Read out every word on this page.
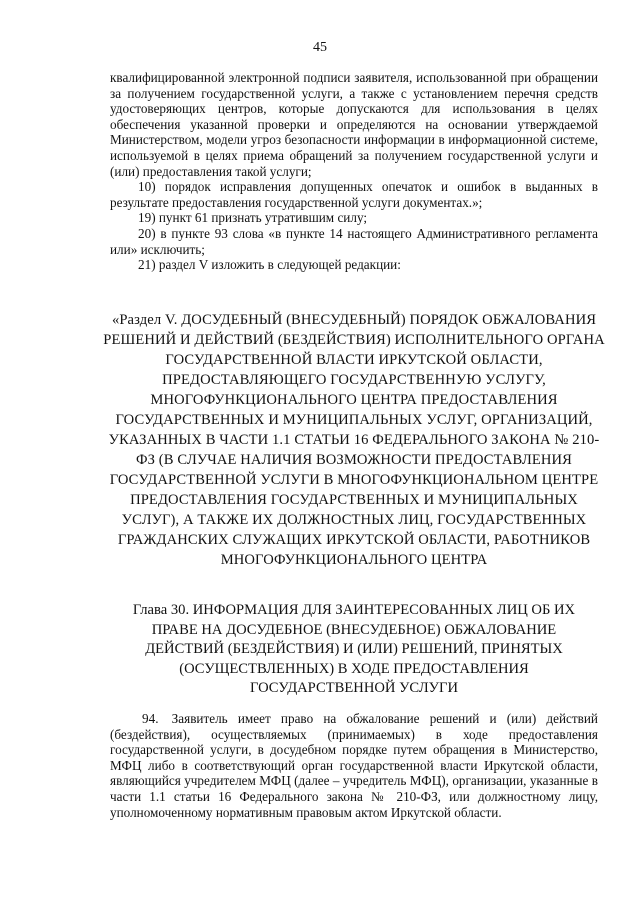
45

квалифицированной электронной подписи заявителя, использованной при обращении за получением государственной услуги, а также с установлением перечня средств удостоверяющих центров, которые допускаются для использования в целях обеспечения указанной проверки и определяются на основании утверждаемой Министерством, модели угроз безопасности информации в информационной системе, используемой в целях приема обращений за получением государственной услуги и (или) предоставления такой услуги;

10) порядок исправления допущенных опечаток и ошибок в выданных в результате предоставления государственной услуги документах.»;

19) пункт 61 признать утратившим силу;

20) в пункте 93 слова «в пункте 14 настоящего Административного регламента или» исключить;

21) раздел V изложить в следующей редакции:

«Раздел V. ДОСУДЕБНЫЙ (ВНЕСУДЕБНЫЙ) ПОРЯДОК ОБЖАЛОВАНИЯ РЕШЕНИЙ И ДЕЙСТВИЙ (БЕЗДЕЙСТВИЯ) ИСПОЛНИТЕЛЬНОГО ОРГАНА ГОСУДАРСТВЕННОЙ ВЛАСТИ ИРКУТСКОЙ ОБЛАСТИ, ПРЕДОСТАВЛЯЮЩЕГО ГОСУДАРСТВЕННУЮ УСЛУГУ, МНОГОФУНКЦИОНАЛЬНОГО ЦЕНТРА ПРЕДОСТАВЛЕНИЯ ГОСУДАРСТВЕННЫХ И МУНИЦИПАЛЬНЫХ УСЛУГ, ОРГАНИЗАЦИЙ, УКАЗАННЫХ В ЧАСТИ 1.1 СТАТЬИ 16 ФЕДЕРАЛЬНОГО ЗАКОНА № 210-ФЗ (В СЛУЧАЕ НАЛИЧИЯ ВОЗМОЖНОСТИ ПРЕДОСТАВЛЕНИЯ ГОСУДАРСТВЕННОЙ УСЛУГИ В МНОГОФУНКЦИОНАЛЬНОМ ЦЕНТРЕ ПРЕДОСТАВЛЕНИЯ ГОСУДАРСТВЕННЫХ И МУНИЦИПАЛЬНЫХ УСЛУГ), А ТАКЖЕ ИХ ДОЛЖНОСТНЫХ ЛИЦ, ГОСУДАРСТВЕННЫХ ГРАЖДАНСКИХ СЛУЖАЩИХ ИРКУТСКОЙ ОБЛАСТИ, РАБОТНИКОВ МНОГОФУНКЦИОНАЛЬНОГО ЦЕНТРА
Глава 30. ИНФОРМАЦИЯ ДЛЯ ЗАИНТЕРЕСОВАННЫХ ЛИЦ ОБ ИХ ПРАВЕ НА ДОСУДЕБНОЕ (ВНЕСУДЕБНОЕ) ОБЖАЛОВАНИЕ ДЕЙСТВИЙ (БЕЗДЕЙСТВИЯ) И (ИЛИ) РЕШЕНИЙ, ПРИНЯТЫХ (ОСУЩЕСТВЛЕННЫХ) В ХОДЕ ПРЕДОСТАВЛЕНИЯ ГОСУДАРСТВЕННОЙ УСЛУГИ

94. Заявитель имеет право на обжалование решений и (или) действий (бездействия), осуществляемых (принимаемых) в ходе предоставления государственной услуги, в досудебном порядке путем обращения в Министерство, МФЦ либо в соответствующий орган государственной власти Иркутской области, являющийся учредителем МФЦ (далее – учредитель МФЦ), организации, указанные в части 1.1 статьи 16 Федерального закона № 210-ФЗ, или должностному лицу, уполномоченному нормативным правовым актом Иркутской области.
